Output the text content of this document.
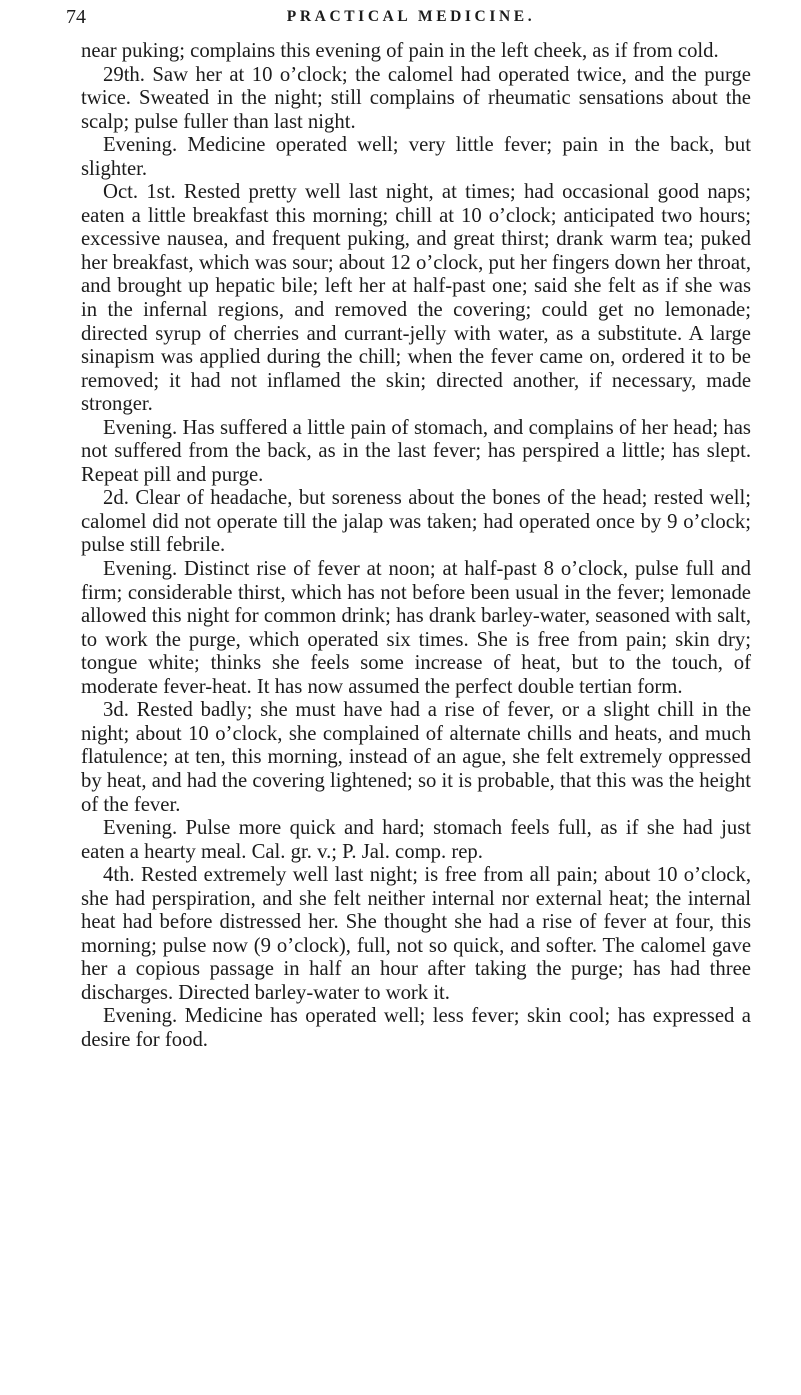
74	PRACTICAL MEDICINE.

near puking; complains this evening of pain in the left cheek, as if from cold.

29th. Saw her at 10 o’clock; the calomel had operated twice, and the purge twice. Sweated in the night; still complains of rheumatic sensations about the scalp; pulse fuller than last night.

Evening. Medicine operated well; very little fever; pain in the back, but slighter.

Oct. 1st. Rested pretty well last night, at times; had occasional good naps; eaten a little breakfast this morning; chill at 10 o’clock; anticipated two hours; excessive nausea, and frequent puking, and great thirst; drank warm tea; puked her breakfast, which was sour; about 12 o’clock, put her fingers down her throat, and brought up hepatic bile; left her at half-past one; said she felt as if she was in the infernal regions, and removed the covering; could get no lemonade; directed syrup of cherries and currant-jelly with water, as a substitute. A large sinapism was applied during the chill; when the fever came on, ordered it to be removed; it had not inflamed the skin; directed another, if necessary, made stronger.

Evening. Has suffered a little pain of stomach, and complains of her head; has not suffered from the back, as in the last fever; has perspired a little; has slept. Repeat pill and purge.

2d. Clear of headache, but soreness about the bones of the head; rested well; calomel did not operate till the jalap was taken; had operated once by 9 o’clock; pulse still febrile.

Evening. Distinct rise of fever at noon; at half-past 8 o’clock, pulse full and firm; considerable thirst, which has not before been usual in the fever; lemonade allowed this night for common drink; has drank barley-water, seasoned with salt, to work the purge, which operated six times. She is free from pain; skin dry; tongue white; thinks she feels some increase of heat, but to the touch, of moderate fever-heat. It has now assumed the perfect double tertian form.

3d. Rested badly; she must have had a rise of fever, or a slight chill in the night; about 10 o’clock, she complained of alternate chills and heats, and much flatulence; at ten, this morning, instead of an ague, she felt extremely oppressed by heat, and had the covering lightened; so it is probable, that this was the height of the fever.

Evening. Pulse more quick and hard; stomach feels full, as if she had just eaten a hearty meal. Cal. gr. v.; P. Jal. comp. rep.

4th. Rested extremely well last night; is free from all pain; about 10 o’clock, she had perspiration, and she felt neither internal nor external heat; the internal heat had before distressed her. She thought she had a rise of fever at four, this morning; pulse now (9 o’clock), full, not so quick, and softer. The calomel gave her a copious passage in half an hour after taking the purge; has had three discharges. Directed barley-water to work it.

Evening. Medicine has operated well; less fever; skin cool; has expressed a desire for food.
